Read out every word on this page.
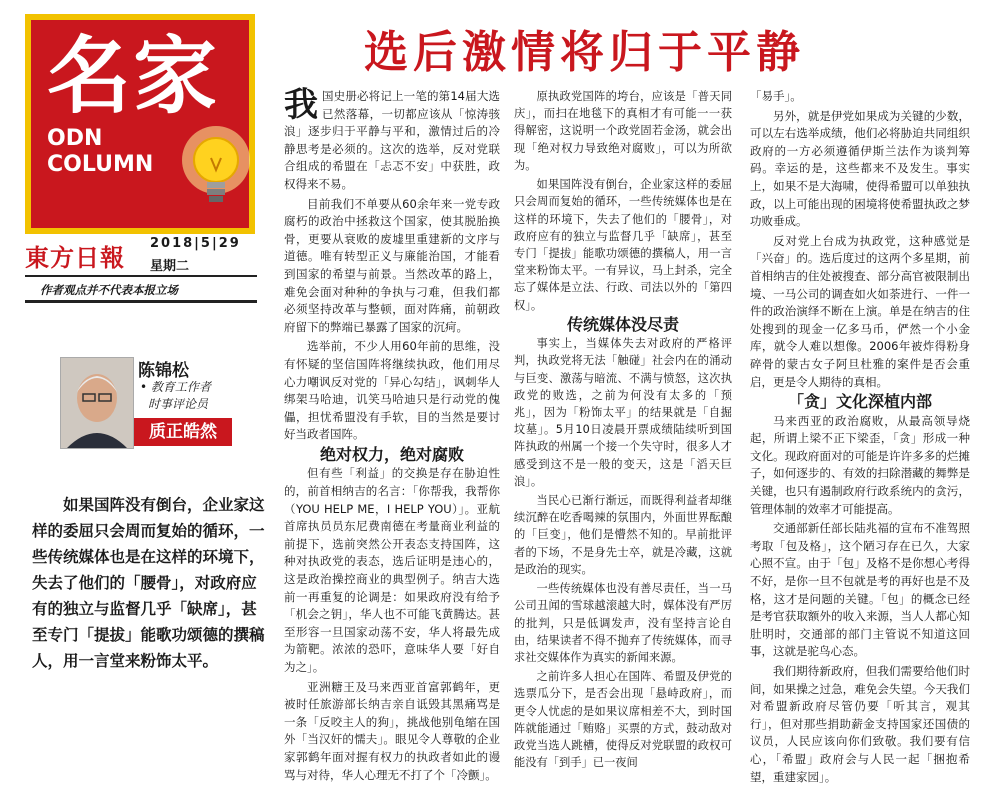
名家
ODN
COLUMN
東方日報 2018|5|29
星期二
作者观点并不代表本报立场
选后激情将归于平静
陈锦松
• 教育工作者
时事评论员
质正皓然
如果国阵没有倒台，企业家这样的委屈只会周而复始的循环，一些传统媒体也是在这样的环境下，失去了他们的「腰骨」，对政府应有的独立与监督几乎「缺席」，甚至专门「提拔」能歌功颂德的撰稿人，用一言堂来粉饰太平。

我国史册必将记上一笔的第14届大选已然落幕，一切都应该从「惊涛骇浪」逐步归于平静与平和，激情过后的冷静思考是必须的。这次的选举，反对党联合组成的希盟在「忐忑不安」中获胜，政权得来不易。

目前我们不单要从60余年来一党专政腐朽的政治中拯救这个国家，使其脱胎换骨，更要从衰败的废墟里重建新的文序与道德。唯有转型正义与廉能治国，才能看到国家的希望与前景。当然改革的路上，难免会面对种种的争执与刁难，但我们都必须坚持改革与整顿，面对阵痛，前朝政府留下的弊端已暴露了国家的沉疴。

选举前，不少人用60年前的思维，没有怀疑的坚信国阵将继续执政，他们用尽心力嘲讽反对党的「异心勾结」，讽刺华人绑架马哈迪，讥笑马哈迪只是行动党的傀儡，担忧希盟没有手软，目的当然是要讨好当政者国阵。

绝对权力，绝对腐败

但有些「利益」的交换是存在胁迫性的，前首相纳吉的名言：「你帮我，我帮你（YOU HELP ME，I HELP YOU）」。亚航首席执员员东尼费南德在考量商业利益的前提下，选前突然公开表态支持国阵，这种对执政党的表态，选后证明是违心的，这是政治操控商业的典型例子。纳吉大选前一再重复的论调是：如果政府没有给予「机会之钥」，华人也不可能飞黄腾达。甚至形容一旦国家动荡不安，华人将最先成为箭靶。浓浓的恐吓，意味华人要「好自为之」。

亚洲糖王及马来西亚首富郭鹤年，更被时任旅游部长纳吉亲自诋毁其黑痛骂是一条「反咬主人的狗」，挑战他别龟缩在国外「当汉奸的懦夫」。眼见令人尊敬的企业家郭鹤年面对握有权力的执政者如此的谩骂与对待，华人心理无不打了个「冷颤」。

原执政党国阵的垮台，应该是「普天同庆」，而扫在地毯下的真相才有可能一一获得解密，这说明一个政党固若金汤，就会出现「绝对权力导致绝对腐败」，可以为所欲为。

如果国阵没有倒台，企业家这样的委屈只会周而复始的循环，一些传统媒体也是在这样的环境下，失去了他们的「腰骨」，对政府应有的独立与监督几乎「缺席」，甚至专门「提拔」能歌功颂德的撰稿人，用一言堂来粉饰太平。一有异议，马上封杀，完全忘了媒体是立法、行政、司法以外的「第四权」。

传统媒体没尽责

事实上，当媒体失去对政府的严格评判，执政党将无法「触碰」社会内在的涌动与巨变、激荡与暗流、不满与愤怒，这次执政党的败选，之前为何没有太多的「预兆」，因为「粉饰太平」的结果就是「自掘坟墓」。5月10日凌晨开票成绩陆续听到国阵执政的州属一个接一个失守时，很多人才感受到这不是一般的变天，这是「滔天巨浪」。

当民心已渐行渐远，而既得利益者却继续沉醉在吃香喝辣的氛围内，外面世界酝酿的「巨变」，他们是懵然不知的。早前批评者的下场，不是身先士卒，就是冷藏，这就是政治的现实。

一些传统媒体也没有善尽责任，当一马公司丑闻的雪球越滚越大时，媒体没有严厉的批判，只是低调发声，没有坚持言论自由，结果读者不得不抛弃了传统媒体，而寻求社交媒体作为真实的新闻来源。

之前许多人担心在国阵、希盟及伊党的选票瓜分下，是否会出现「悬峙政府」，而更令人忧虑的是如果议席相差不大，到时国阵就能通过「贿赂」买票的方式，鼓动敌对政党当选人跳槽，使得反对党联盟的政权可能没有「到手」已一夜间

「易手」。

另外，就是伊党如果成为关键的少数，可以左右选举成绩，他们必将胁迫共同组织政府的一方必须遵循伊斯兰法作为谈判筹码。幸运的是，这些都来不及发生。事实上，如果不是大海啸，使得希盟可以单独执政，以上可能出现的困境将使希盟执政之梦功败垂成。

反对党上台成为执政党，这种感觉是「兴奋」的。选后度过的这两个多星期，前首相纳吉的住处被搜查、部分高官被限制出境、一马公司的调查如火如荼进行、一件一件的政治演绎不断在上演。单是在纳吉的住处搜到的现金一亿多马币，俨然一个小金库，就令人难以想像。2006年被炸得粉身碎骨的蒙古女子阿旦杜雅的案件是否会重启，更是令人期待的真相。

「贪」文化深植内部

马来西亚的政治腐败，从最高领导烧起，所谓上梁不正下梁歪，「贪」形成一种文化。现政府面对的可能是许许多多的烂摊子，如何逐步的、有效的扫除潜藏的舞弊是关键，也只有遏制政府行政系统内的贪污，管理体制的效率才可能提高。

交通部新任部长陆兆福的宣布不准驾照考取「包及格」，这个陋习存在已久，大家心照不宣。由于「包」及格不是你想心考得不好，是你一旦不包就是考的再好也是不及格，这才是问题的关键。「包」的概念已经是考官获取额外的收入来源，当人人都心知肚明时，交通部的部门主管说不知道这回事，这就是驼鸟心态。

我们期待新政府，但我们需要给他们时间，如果操之过急，难免会失望。今天我们对希盟新政府尽管仍要「听其言，观其行」，但对那些捐助薪金支持国家还国债的议员，人民应该向你们致敬。我们要有信心，「希盟」政府会与人民一起「捆抱希望，重建家园」。
